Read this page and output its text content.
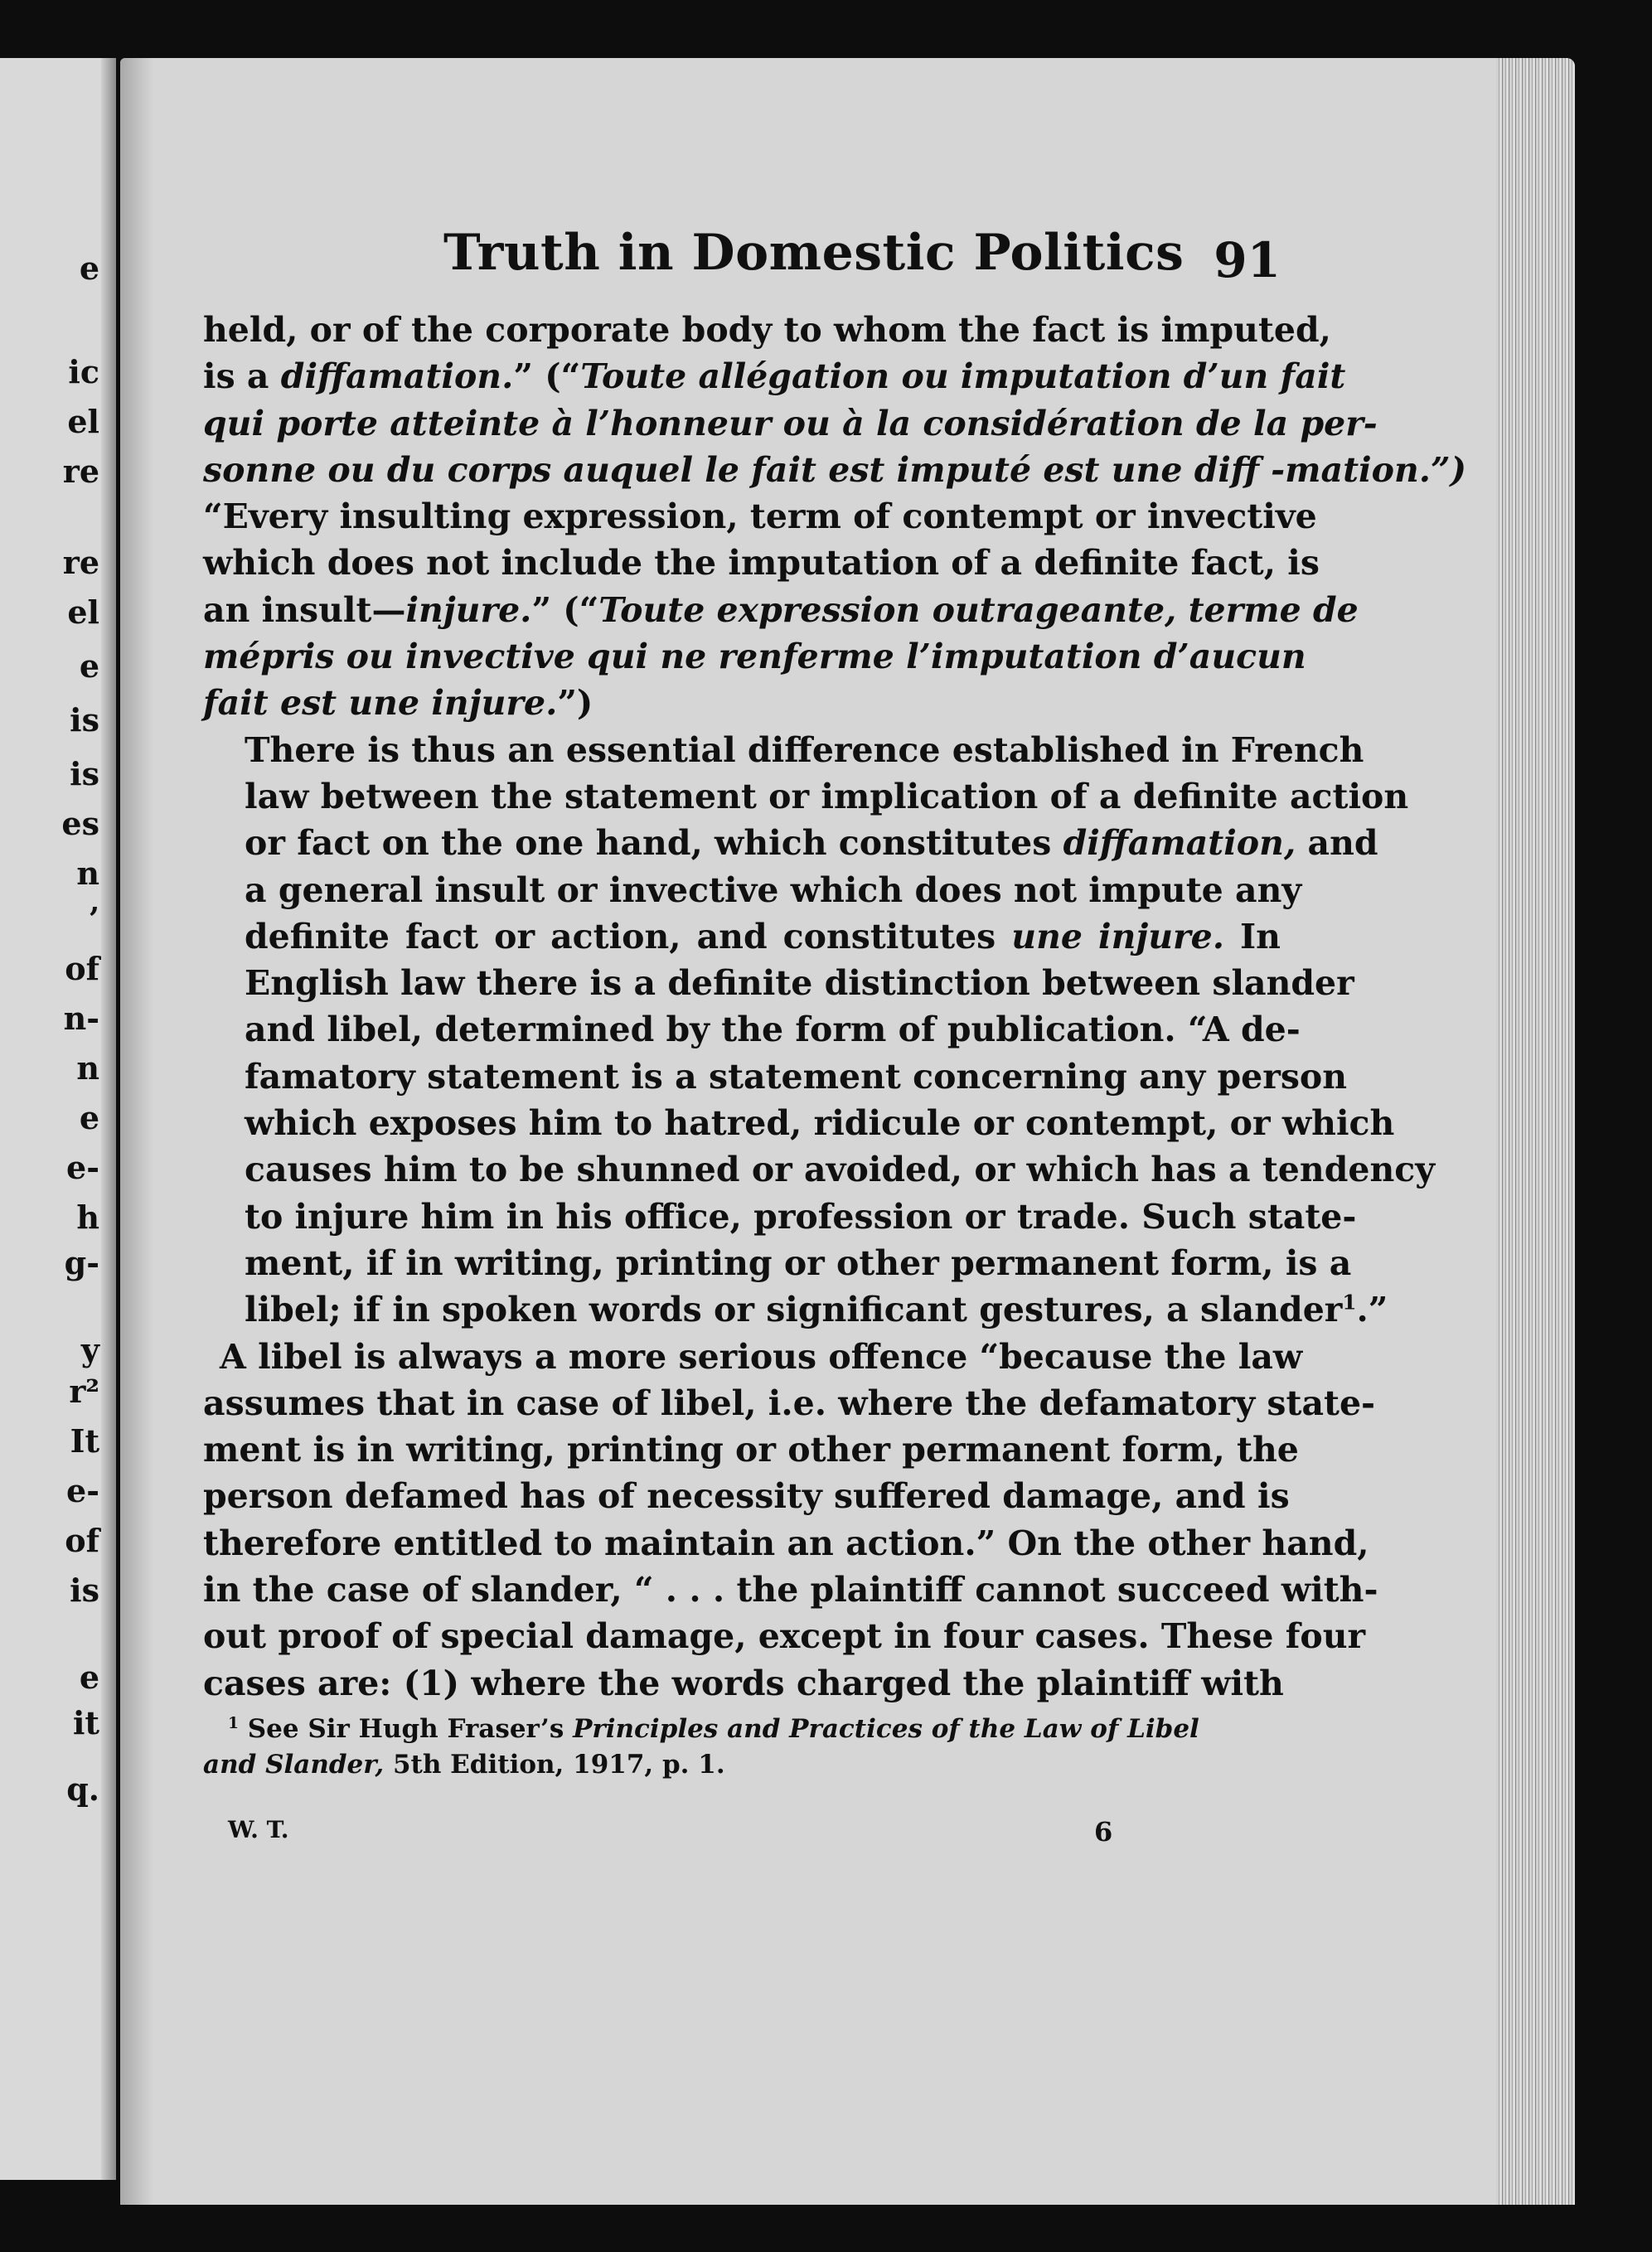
e
ic
el
re
re
el
e
is
is
es
n
’
of
n-
n
e
e-
h
g-
y
r²
It
e-
of
is
e
it
q.
Truth in Domestic Politics 91

held, or of the corporate body to whom the fact is imputed,
is a diffamation.” (“Toute allégation ou imputation d’un fait
qui porte atteinte à l’honneur ou à la considération de la per-
sonne ou du corps auquel le fait est imputé est une diff -mation.”)
“Every insulting expression, term of contempt or invective
which does not include the imputation of a definite fact, is
an insult—injure.” (“Toute expression outrageante, terme de
mépris ou invective qui ne renferme l’imputation d’aucun
fait est une injure.”)

There is thus an essential difference established in French
law between the statement or implication of a definite action
or fact on the one hand, which constitutes diffamation, and
a general insult or invective which does not impute any
definite fact or action, and constitutes une injure. In
English law there is a definite distinction between slander
and libel, determined by the form of publication. “A de-
famatory statement is a statement concerning any person
which exposes him to hatred, ridicule or contempt, or which
causes him to be shunned or avoided, or which has a tendency
to injure him in his office, profession or trade. Such state-
ment, if in writing, printing or other permanent form, is a
libel; if in spoken words or significant gestures, a slander$^1$.”

A libel is always a more serious offence “because the law
assumes that in case of libel, i.e. where the defamatory state-
ment is in writing, printing or other permanent form, the
person defamed has of necessity suffered damage, and is
therefore entitled to maintain an action.” On the other hand,
in the case of slander, “ . . . the plaintiff cannot succeed with-
out proof of special damage, except in four cases. These four
cases are: (1) where the words charged the plaintiff with

$^1$ See Sir Hugh Fraser’s Principles and Practices of the Law of Libel
and Slander, 5th Edition, 1917, p. 1.
W. T.	6
